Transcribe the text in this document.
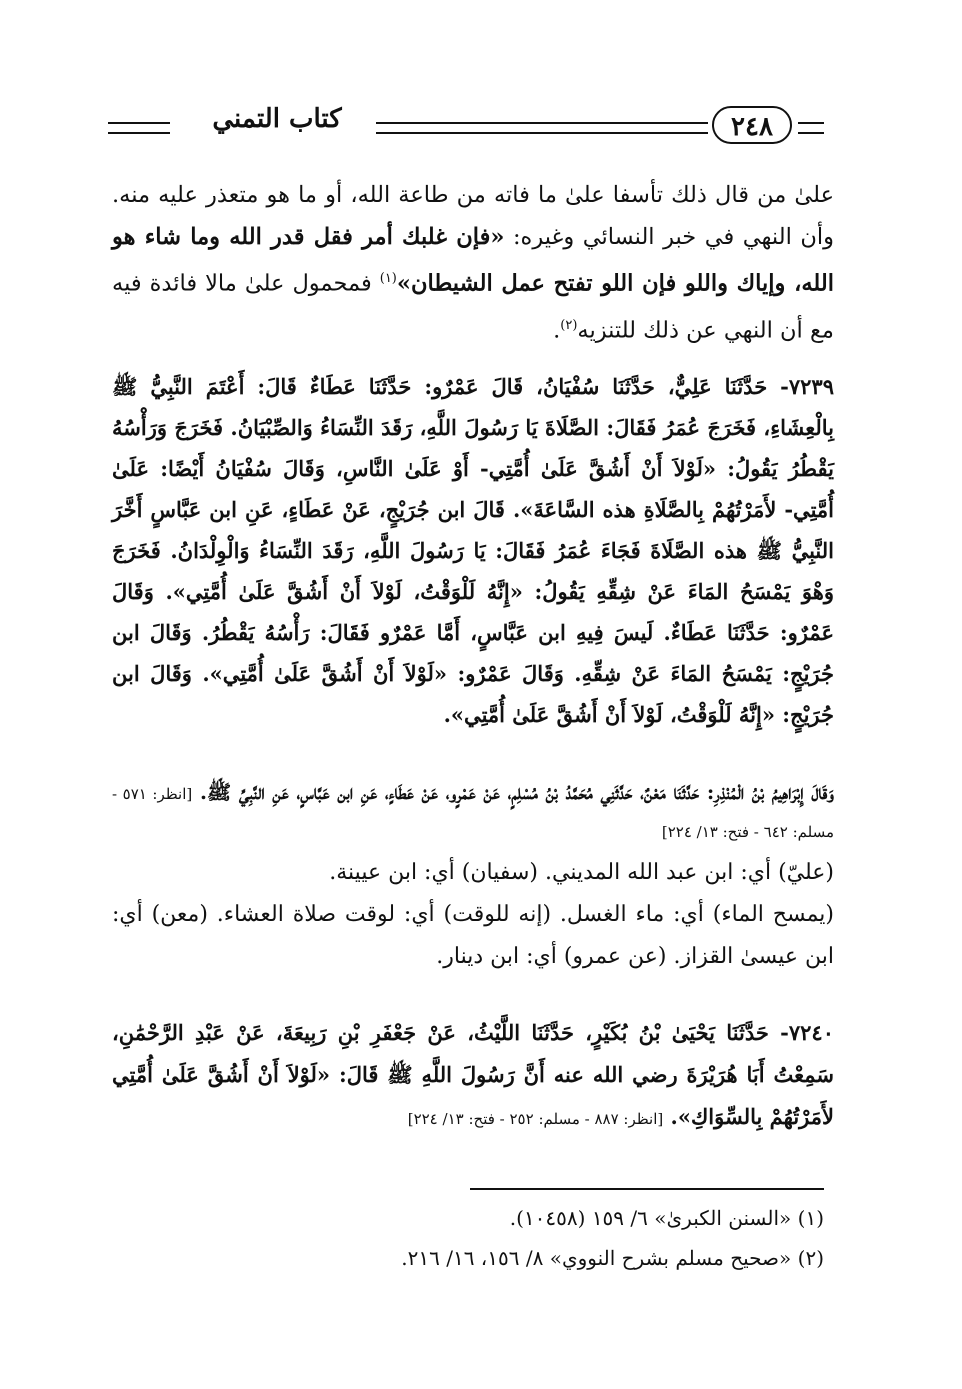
كتاب التمني	٢٤٨
علىٰ من قال ذلك تأسفا علىٰ ما فاته من طاعة الله، أو ما هو متعذر عليه منه. وأن النهي في خبر النسائي وغيره: «فإن غلبك أمر فقل قدر الله وما شاء هو الله، وإياك واللو فإن اللو تفتح عمل الشيطان»$^{(١)}$ فمحمول علىٰ مالا فائدة فيه مع أن النهي عن ذلك للتنزيه$^{(٢)}$.
٧٢٣٩- حَدَّثَنَا عَلِيٌّ، حَدَّثَنَا سُفْيَانُ، قَالَ عَمْرٌو: حَدَّثَنَا عَطَاءٌ قَالَ: أَعْتَمَ النَّبِيُّ ﷺ بِالْعِشَاءِ، فَخَرَجَ عُمَرُ فَقَالَ: الصَّلَاةَ يَا رَسُولَ اللَّهِ، رَقَدَ النِّسَاءُ وَالصِّبْيَانُ. فَخَرَجَ وَرَأْسُهُ يَقْطُرُ يَقُولُ: «لَوْلاَ أَنْ أَشُقَّ عَلَىٰ أُمَّتِي- أَوْ عَلَىٰ النَّاسِ، وَقَالَ سُفْيَانُ أَيْضًا: عَلَىٰ أُمَّتِي- لأَمَرْتُهُمْ بِالصَّلَاةِ هذه السَّاعَةَ». قَالَ ابن جُرَيْجٍ، عَنْ عَطَاءٍ، عَنِ ابن عَبَّاسٍ أَخَّرَ النَّبِيُّ ﷺ هذه الصَّلَاةَ فَجَاءَ عُمَرُ فَقَالَ: يَا رَسُولَ اللَّهِ، رَقَدَ النِّسَاءُ وَالْوِلْدَانُ. فَخَرَجَ وَهْوَ يَمْسَحُ المَاءَ عَنْ شِقِّهِ يَقُولُ: «إِنَّهُ لَلْوَقْتُ، لَوْلاَ أَنْ أَشُقَّ عَلَىٰ أُمَّتِي». وَقَالَ عَمْرٌو: حَدَّثَنَا عَطَاءٌ. لَيسَ فِيهِ ابن عَبَّاسٍ، أَمَّا عَمْرٌو فَقَالَ: رَأْسُهُ يَقْطُرُ. وَقَالَ ابن جُرَيْجٍ: يَمْسَحُ المَاءَ عَنْ شِقِّهِ. وَقَالَ عَمْرٌو: «لَوْلاَ أَنْ أَشُقَّ عَلَىٰ أُمَّتِي». وَقَالَ ابن جُرَيْجٍ: «إِنَّهُ لَلْوَقْتُ، لَوْلاَ أَنْ أَشُقَّ عَلَىٰ أُمَّتِي».
وَقَالَ إِبْرَاهِيمُ بْنُ الْمُنْذِرِ: حَدَّثَنَا مَعْنٌ، حَدَّثَنِي مُحَمَّدُ بْنُ مُسْلِمٍ، عَنْ عَمْرٍو، عَنْ عَطَاءٍ، عَنِ ابن عَبَّاسٍ، عَنِ النَّبِيِّ ﷺ. [انظر: ٥٧١ - مسلم: ٦٤٢ - فتح: ١٣/ ٢٢٤]
(عليّ) أي: ابن عبد الله المديني. (سفيان) أي: ابن عيينة.
(يمسح الماء) أي: ماء الغسل. (إنه للوقت) أي: لوقت صلاة العشاء. (معن) أي: ابن عيسىٰ القزاز. (عن عمرو) أي: ابن دينار.
٧٢٤٠- حَدَّثَنَا يَحْيَىٰ بْنُ بُكَيْرٍ، حَدَّثَنَا اللَّيْثُ، عَنْ جَعْفَرِ بْنِ رَبِيعَةَ، عَنْ عَبْدِ الرَّحْمَٰنِ، سَمِعْتُ أَبَا هُرَيْرَةَ رضي الله عنه أَنَّ رَسُولَ اللَّهِ ﷺ قَالَ: «لَوْلاَ أَنْ أَشُقَّ عَلَىٰ أُمَّتِي لأَمَرْتُهُمْ بِالسِّوَاكِ». [انظر: ٨٨٧ - مسلم: ٢٥٢ - فتح: ١٣/ ٢٢٤]
(١) «السنن الكبرىٰ» ٦/ ١٥٩ (١٠٤٥٨).
(٢) «صحيح مسلم بشرح النووي» ٨/ ١٥٦، ١٦/ ٢١٦.
